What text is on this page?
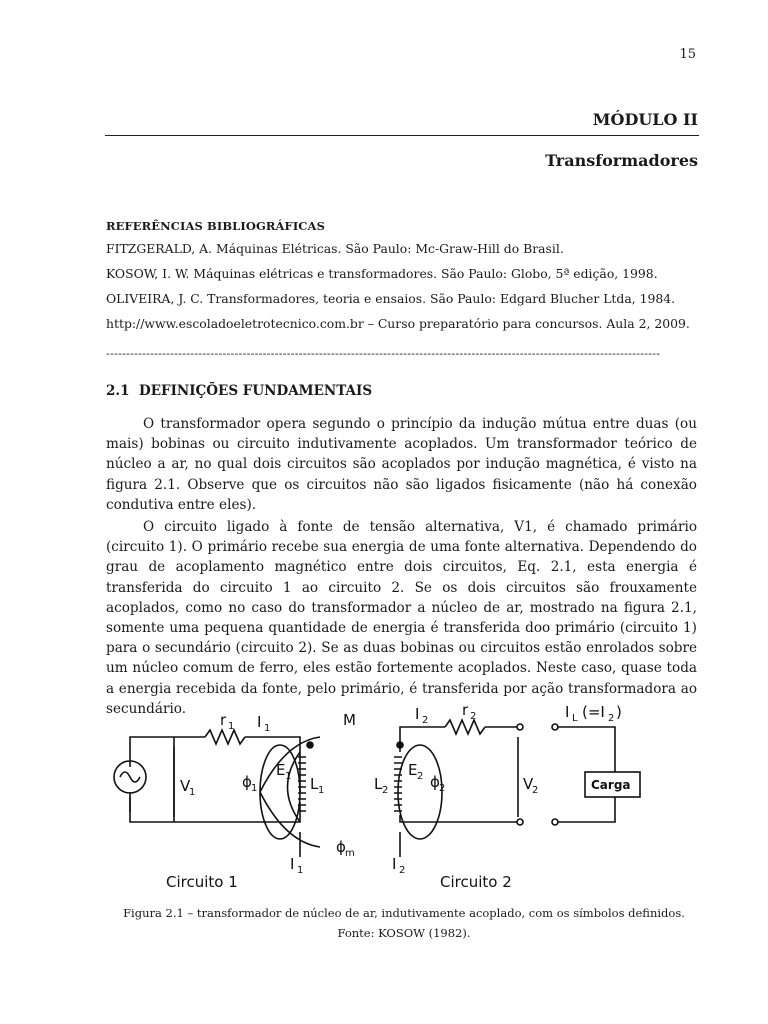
15
MÓDULO II
Transformadores
REFERÊNCIAS BIBLIOGRÁFICAS
FITZGERALD, A. Máquinas Elétricas. São Paulo: Mc-Graw-Hill do Brasil.
KOSOW, I. W. Máquinas elétricas e transformadores. São Paulo: Globo, 5ª edição, 1998.
OLIVEIRA, J. C. Transformadores, teoria e ensaios. São Paulo: Edgard Blucher Ltda, 1984.
http://www.escoladoeletrotecnico.com.br – Curso preparatório para concursos. Aula 2, 2009.
------------------------------------------------------------------------------------------------------------------------------------------
2.1 DEFINIÇÕES FUNDAMENTAIS

O transformador opera segundo o princípio da indução mútua entre duas (ou mais) bobinas ou circuito indutivamente acoplados. Um transformador teórico de núcleo a ar, no qual dois circuitos são acoplados por indução magnética, é visto na figura 2.1. Observe que os circuitos não são ligados fisicamente (não há conexão condutiva entre eles).

O circuito ligado à fonte de tensão alternativa, V1, é chamado primário (circuito 1). O primário recebe sua energia de uma fonte alternativa. Dependendo do grau de acoplamento magnético entre dois circuitos, Eq. 2.1, esta energia é transferida do circuito 1 ao circuito 2. Se os dois circuitos são frouxamente acoplados, como no caso do transformador a núcleo de ar, mostrado na figura 2.1, somente uma pequena quantidade de energia é transferida doo primário (circuito 1) para o secundário (circuito 2). Se as duas bobinas ou circuitos estão enrolados sobre um núcleo comum de ferro, eles estão fortemente acoplados. Neste caso, quase toda a energia recebida da fonte, pelo primário, é transferida por ação transformadora ao secundário.

r 1 I 1	M	I 2
r 2	I L (=I 2 )
V
1
ϕ 1
E 1 L 1	L 2
E 2 ϕ 2	V
2	Carga
I 1
ϕ m
I 2
Circuito 1	Circuito 2
Figura 2.1 – transformador de núcleo de ar, indutivamente acoplado, com os símbolos definidos.
Fonte: KOSOW (1982).
